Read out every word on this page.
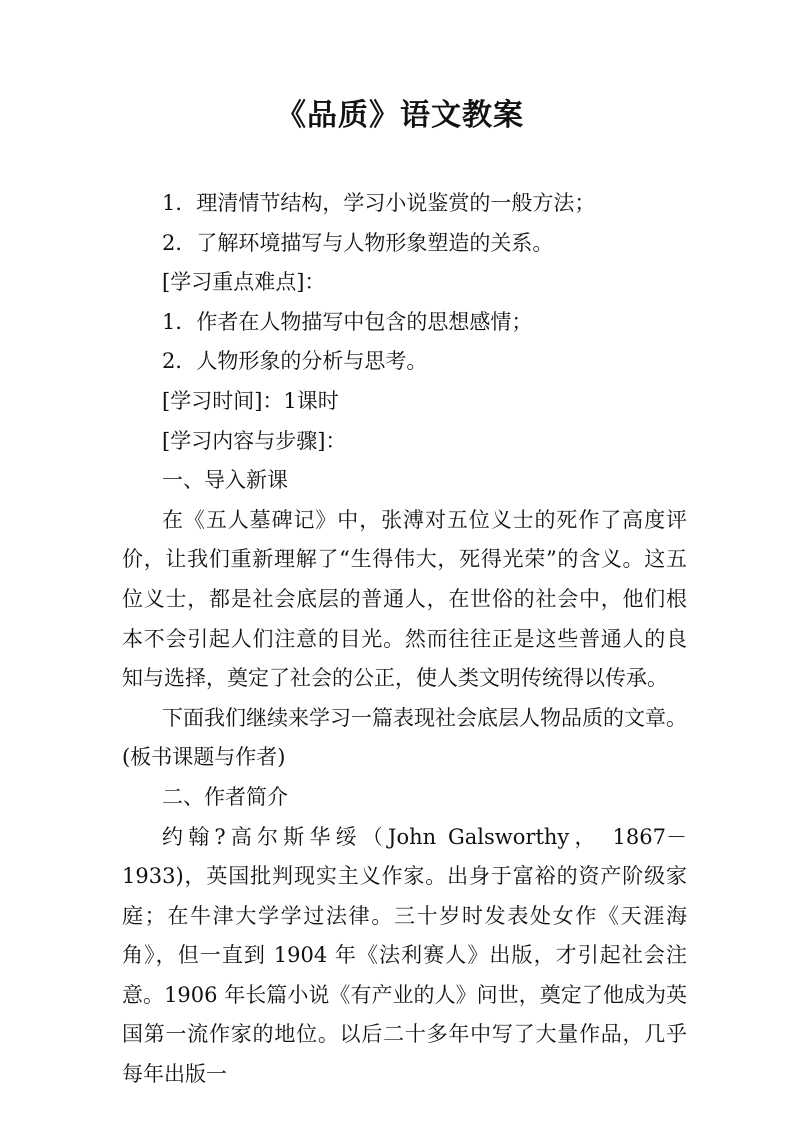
《品质》语文教案

1．理清情节结构，学习小说鉴赏的一般方法；

2．了解环境描写与人物形象塑造的关系。

[学习重点难点]：

1．作者在人物描写中包含的思想感情；

2．人物形象的分析与思考。

[学习时间]：1课时

[学习内容与步骤]：

一、导入新课

在《五人墓碑记》中，张溥对五位义士的死作了高度评价，让我们重新理解了“生得伟大，死得光荣”的含义。这五位义士，都是社会底层的普通人，在世俗的社会中，他们根本不会引起人们注意的目光。然而往往正是这些普通人的良知与选择，奠定了社会的公正，使人类文明传统得以传承。

下面我们继续来学习一篇表现社会底层人物品质的文章。(板书课题与作者)

二、作者简介

约翰?高尔斯华绥（John Galsworthy， 1867－1933)，英国批判现实主义作家。出身于富裕的资产阶级家庭；在牛津大学学过法律。三十岁时发表处女作《天涯海角》，但一直到 1904 年《法利赛人》出版，才引起社会注意。1906 年长篇小说《有产业的人》问世，奠定了他成为英国第一流作家的地位。以后二十多年中写了大量作品，几乎每年出版一
